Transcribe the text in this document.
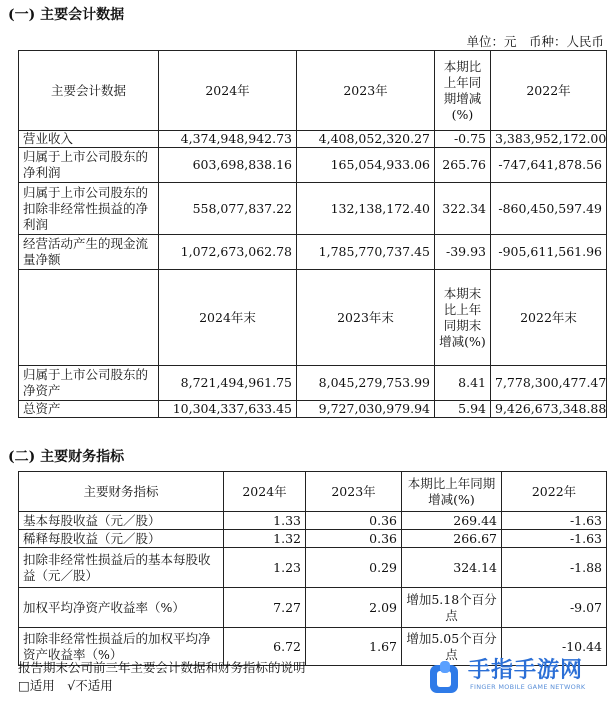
(一) 主要会计数据
单位：元　币种：人民币
主要会计数据	2024年	2023年	本期比上年同期增减(%)	2022年
营业收入	4,374,948,942.73	4,408,052,320.27	-0.75	3,383,952,172.00
归属于上市公司股东的净利润	603,698,838.16	165,054,933.06	265.76	-747,641,878.56
归属于上市公司股东的扣除非经常性损益的净利润	558,077,837.22	132,138,172.40	322.34	-860,450,597.49
经营活动产生的现金流量净额	1,072,673,062.78	1,785,770,737.45	-39.93	-905,611,561.96
	2024年末	2023年末	本期末比上年同期末增减(%)	2022年末
归属于上市公司股东的净资产	8,721,494,961.75	8,045,279,753.99	8.41	7,778,300,477.47
总资产	10,304,337,633.45	9,727,030,979.94	5.94	9,426,673,348.88
(二) 主要财务指标
主要财务指标	2024年	2023年	本期比上年同期增减(%)	2022年
基本每股收益（元／股）	1.33	0.36	269.44	-1.63
稀释每股收益（元／股）	1.32	0.36	266.67	-1.63
扣除非经常性损益后的基本每股收益（元／股）	1.23	0.29	324.14	-1.88
加权平均净资产收益率（%）	7.27	2.09	增加5.18个百分点	-9.07
扣除非经常性损益后的加权平均净资产收益率（%）	6.72	1.67	增加5.05个百分点	-10.44
报告期末公司前三年主要会计数据和财务指标的说明
□适用　√不适用
手指手游网
FINGER MOBILE GAME NETWORK
